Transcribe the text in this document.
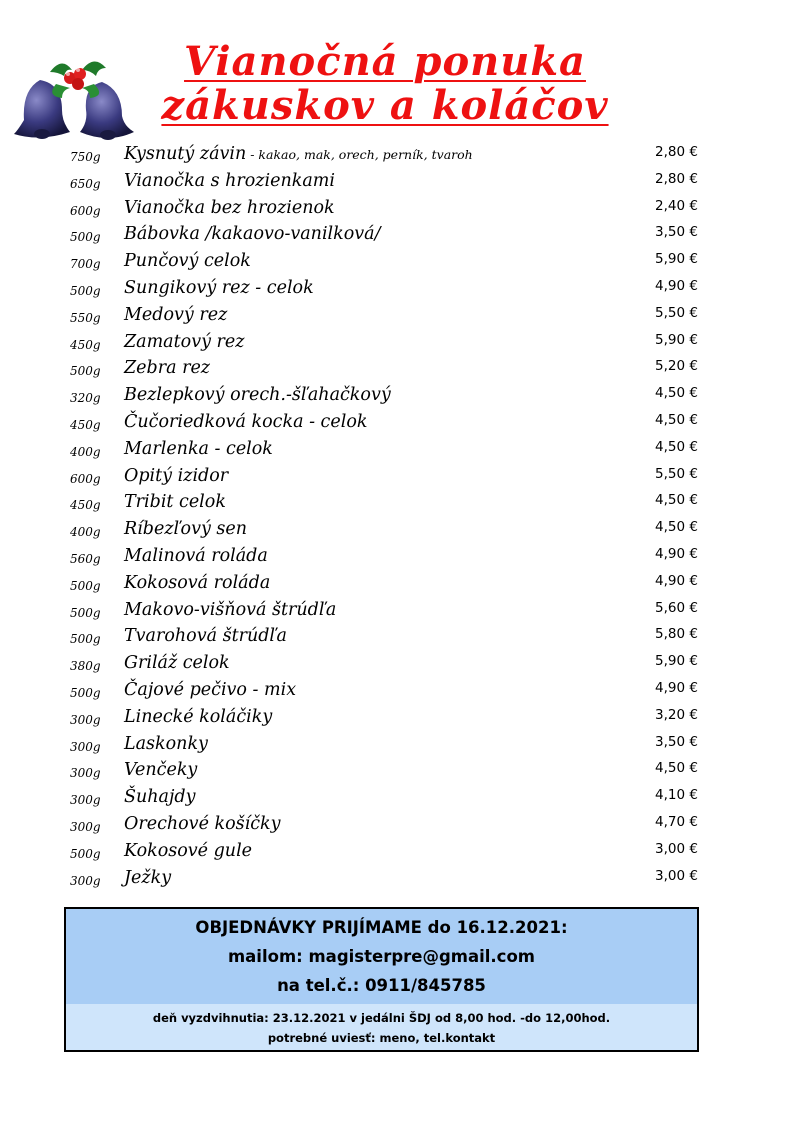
Vianočná ponuka
zákuskov a koláčov
750g Kysnutý závin - kakao, mak, orech, perník, tvaroh	2,80 €
650g Vianočka s hrozienkami	2,80 €
600g Vianočka bez hrozienok	2,40 €
500g Bábovka /kakaovo-vanilková/	3,50 €
700g Punčový celok	5,90 €
500g Sungikový rez - celok	4,90 €
550g Medový rez	5,50 €
450g Zamatový rez	5,90 €
500g Zebra rez	5,20 €
320g Bezlepkový orech.-šľahačkový	4,50 €
450g Čučoriedková kocka - celok	4,50 €
400g Marlenka - celok	4,50 €
600g Opitý izidor	5,50 €
450g Tribit celok	4,50 €
400g Ríbezľový sen	4,50 €
560g Malinová roláda	4,90 €
500g Kokosová roláda	4,90 €
500g Makovo-višňová štrúdľa	5,60 €
500g Tvarohová štrúdľa	5,80 €
380g Griláž celok	5,90 €
500g Čajové pečivo - mix	4,90 €
300g Linecké koláčiky	3,20 €
300g Laskonky	3,50 €
300g Venčeky	4,50 €
300g Šuhajdy	4,10 €
300g Orechové košíčky	4,70 €
500g Kokosové gule	3,00 €
300g Ježky	3,00 €
OBJEDNÁVKY PRIJÍMAME do 16.12.2021:
mailom: magisterpre@gmail.com
na tel.č.: 0911/845785
deň vyzdvihnutia: 23.12.2021 v jedálni ŠDJ od 8,00 hod. -do 12,00hod.
potrebné uviesť: meno, tel.kontakt
